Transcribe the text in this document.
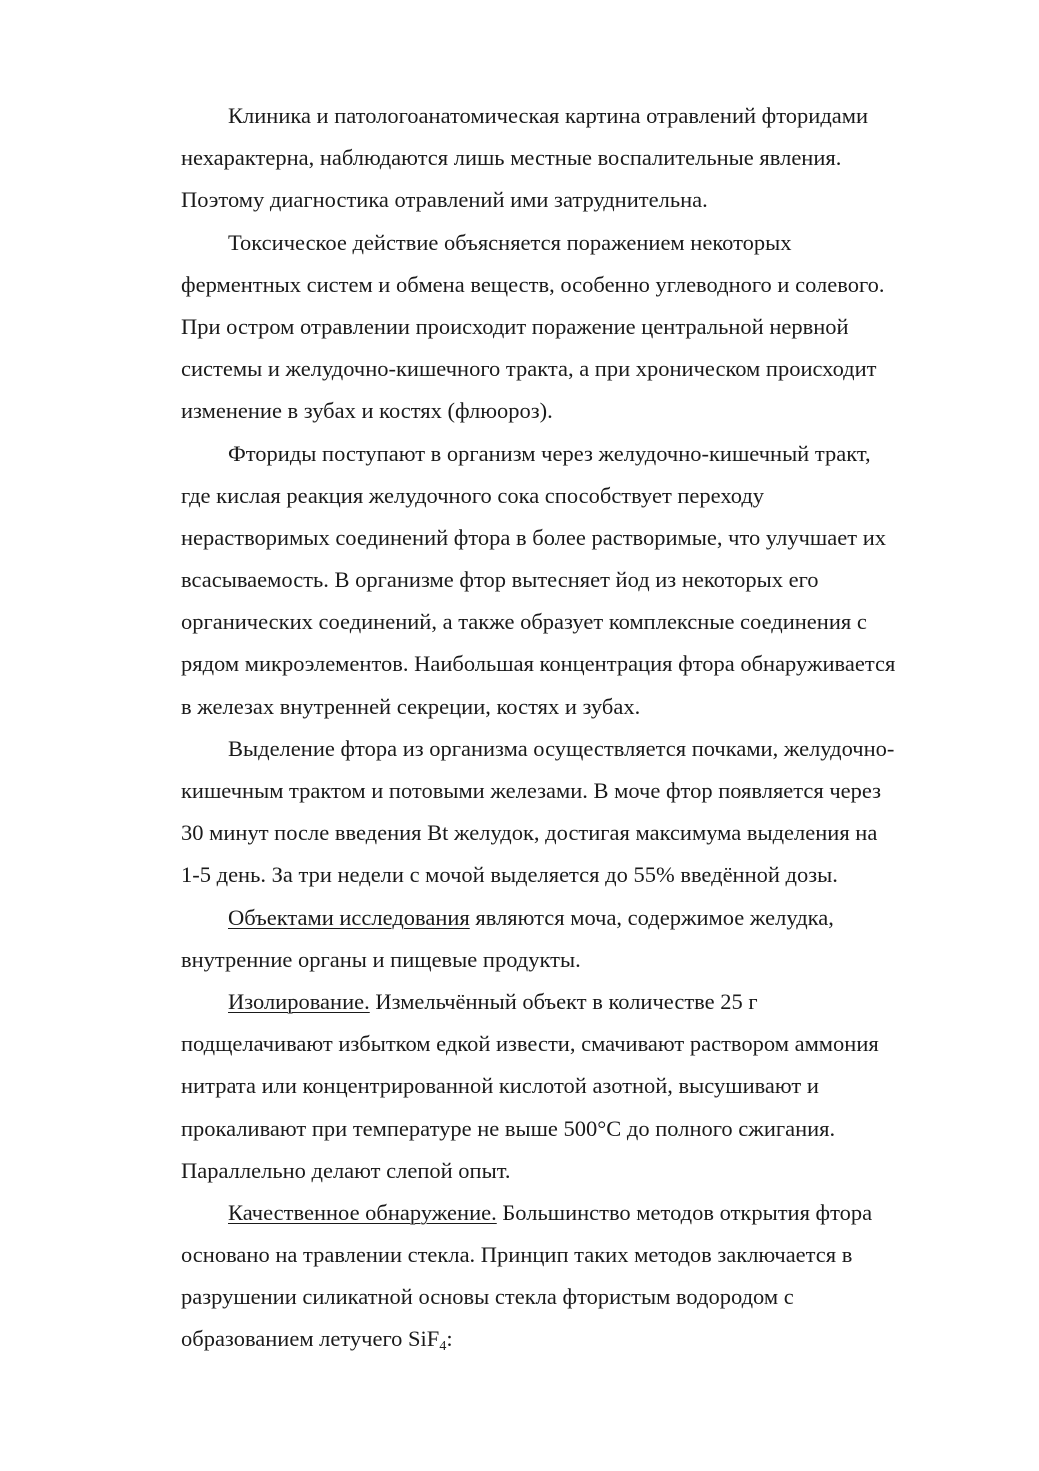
Клиника и патологоанатомическая картина отравлений фторидами
нехарактерна, наблюдаются лишь местные воспалительные явления.
Поэтому диагностика отравлений ими затруднительна.
Токсическое действие объясняется поражением некоторых
ферментных систем и обмена веществ, особенно углеводного и солевого.
При остром отравлении происходит поражение центральной нервной
системы и желудочно-кишечного тракта, а при хроническом происходит
изменение в зубах и костях (флюороз).
Фториды поступают в организм через желудочно-кишечный тракт,
где кислая реакция желудочного сока способствует переходу
нерастворимых соединений фтора в более растворимые, что улучшает их
всасываемость. В организме фтор вытесняет йод из некоторых его
органических соединений, а также образует комплексные соединения с
рядом микроэлементов. Наибольшая концентрация фтора обнаруживается
в железах внутренней секреции, костях и зубах.
Выделение фтора из организма осуществляется почками, желудочно-
кишечным трактом и потовыми железами. В моче фтор появляется через
30 минут после введения Bt желудок, достигая максимума выделения на
1-5 день. За три недели с мочой выделяется до 55% введённой дозы.
Объектами исследования являются моча, содержимое желудка,
внутренние органы и пищевые продукты.
Изолирование. Измельчённый объект в количестве 25 г
подщелачивают избытком едкой извести, смачивают раствором аммония
нитрата или концентрированной кислотой азотной, высушивают и
прокаливают при температуре не выше 500°С до полного сжигания.
Параллельно делают слепой опыт.
Качественное обнаружение. Большинство методов открытия фтора
основано на травлении стекла. Принцип таких методов заключается в
разрушении силикатной основы стекла фтористым водородом с
образованием летучего SiF$_4$:
